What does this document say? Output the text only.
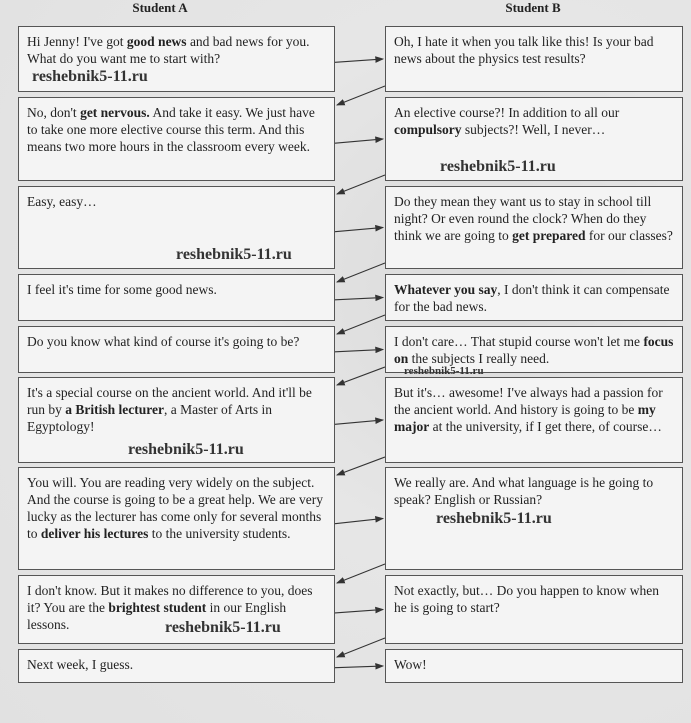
Student A	Student B
Hi Jenny! I've got good news and bad news for you. What do you want me to start with?
No, don't get nervous. And take it easy. We just have to take one more elective course this term. And this means two more hours in the classroom every week.
Easy, easy…
I feel it's time for some good news.
Do you know what kind of course it's going to be?
It's a special course on the ancient world. And it'll be run by a British lecturer, a Master of Arts in Egyptology!
You will. You are reading very widely on the subject. And the course is going to be a great help. We are very lucky as the lecturer has come only for several months to deliver his lectures to the university students.
I don't know. But it makes no difference to you, does it? You are the brightest student in our English lessons.
Next week, I guess.
Oh, I hate it when you talk like this! Is your bad news about the physics test results?
An elective course?! In addition to all our compulsory subjects?! Well, I never…
Do they mean they want us to stay in school till night? Or even round the clock? When do they think we are going to get prepared for our classes?
Whatever you say, I don't think it can compensate for the bad news.
I don't care… That stupid course won't let me focus on the subjects I really need.
But it's… awesome! I've always had a passion for the ancient world. And history is going to be my major at the university, if I get there, of course…
We really are. And what language is he going to speak? English or Russian?
Not exactly, but… Do you happen to know when he is going to start?
Wow!
reshebnik5-11.ru
reshebnik5-11.ru
reshebnik5-11.ru
reshebnik5-11.ru
reshebnik5-11.ru
reshebnik5-11.ru
reshebnik5-11.ru
